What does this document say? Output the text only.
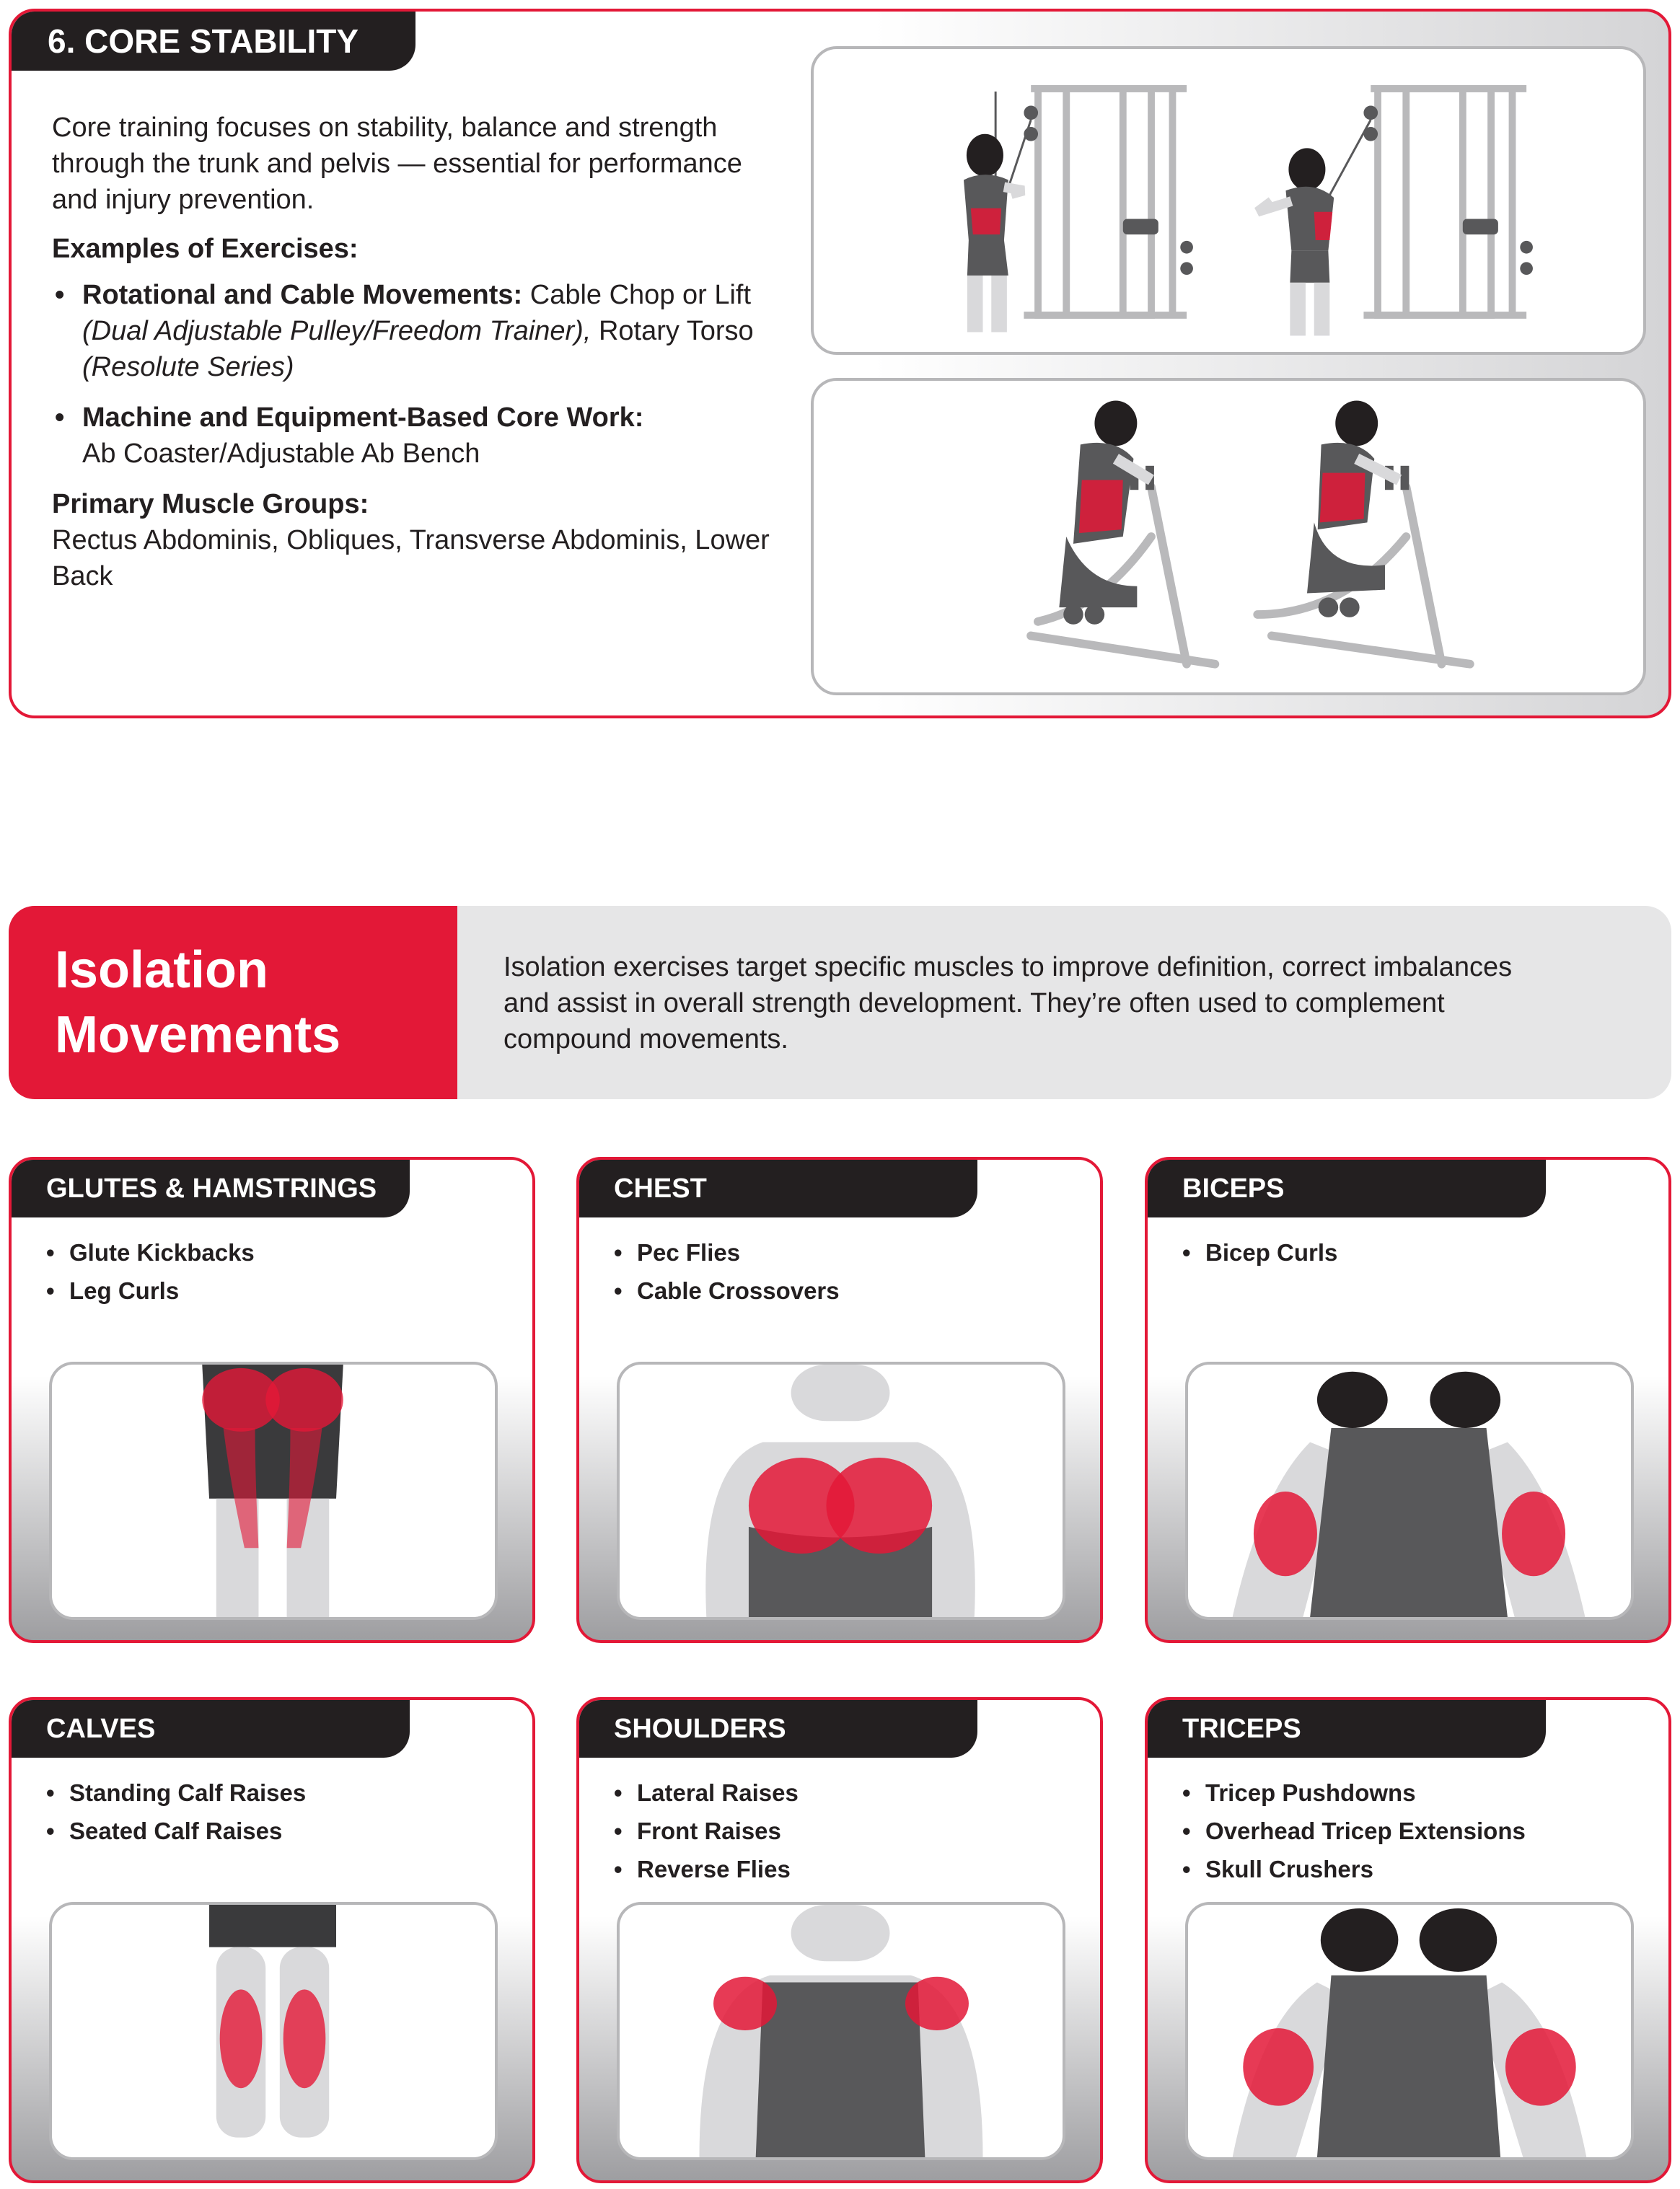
6. CORE STABILITY

Core training focuses on stability, balance and strength through the trunk and pelvis — essential for performance and injury prevention.

Examples of Exercises:
• Rotational and Cable Movements: Cable Chop or Lift (Dual Adjustable Pulley/Freedom Trainer), Rotary Torso (Resolute Series)
• Machine and Equipment-Based Core Work:
Ab Coaster/Adjustable Ab Bench
Primary Muscle Groups:

Rectus Abdominis, Obliques, Transverse Abdominis, Lower Back

Isolation
Movements
Isolation exercises target specific muscles to improve definition, correct imbalances and assist in overall strength development. They’re often used to complement compound movements.
GLUTES & HAMSTRINGS
• Glute Kickbacks
• Leg Curls
CHEST
• Pec Flies
• Cable Crossovers
BICEPS
• Bicep Curls
CALVES
• Standing Calf Raises
• Seated Calf Raises
SHOULDERS
• Lateral Raises
• Front Raises
• Reverse Flies
TRICEPS
• Tricep Pushdowns
• Overhead Tricep Extensions
• Skull Crushers
